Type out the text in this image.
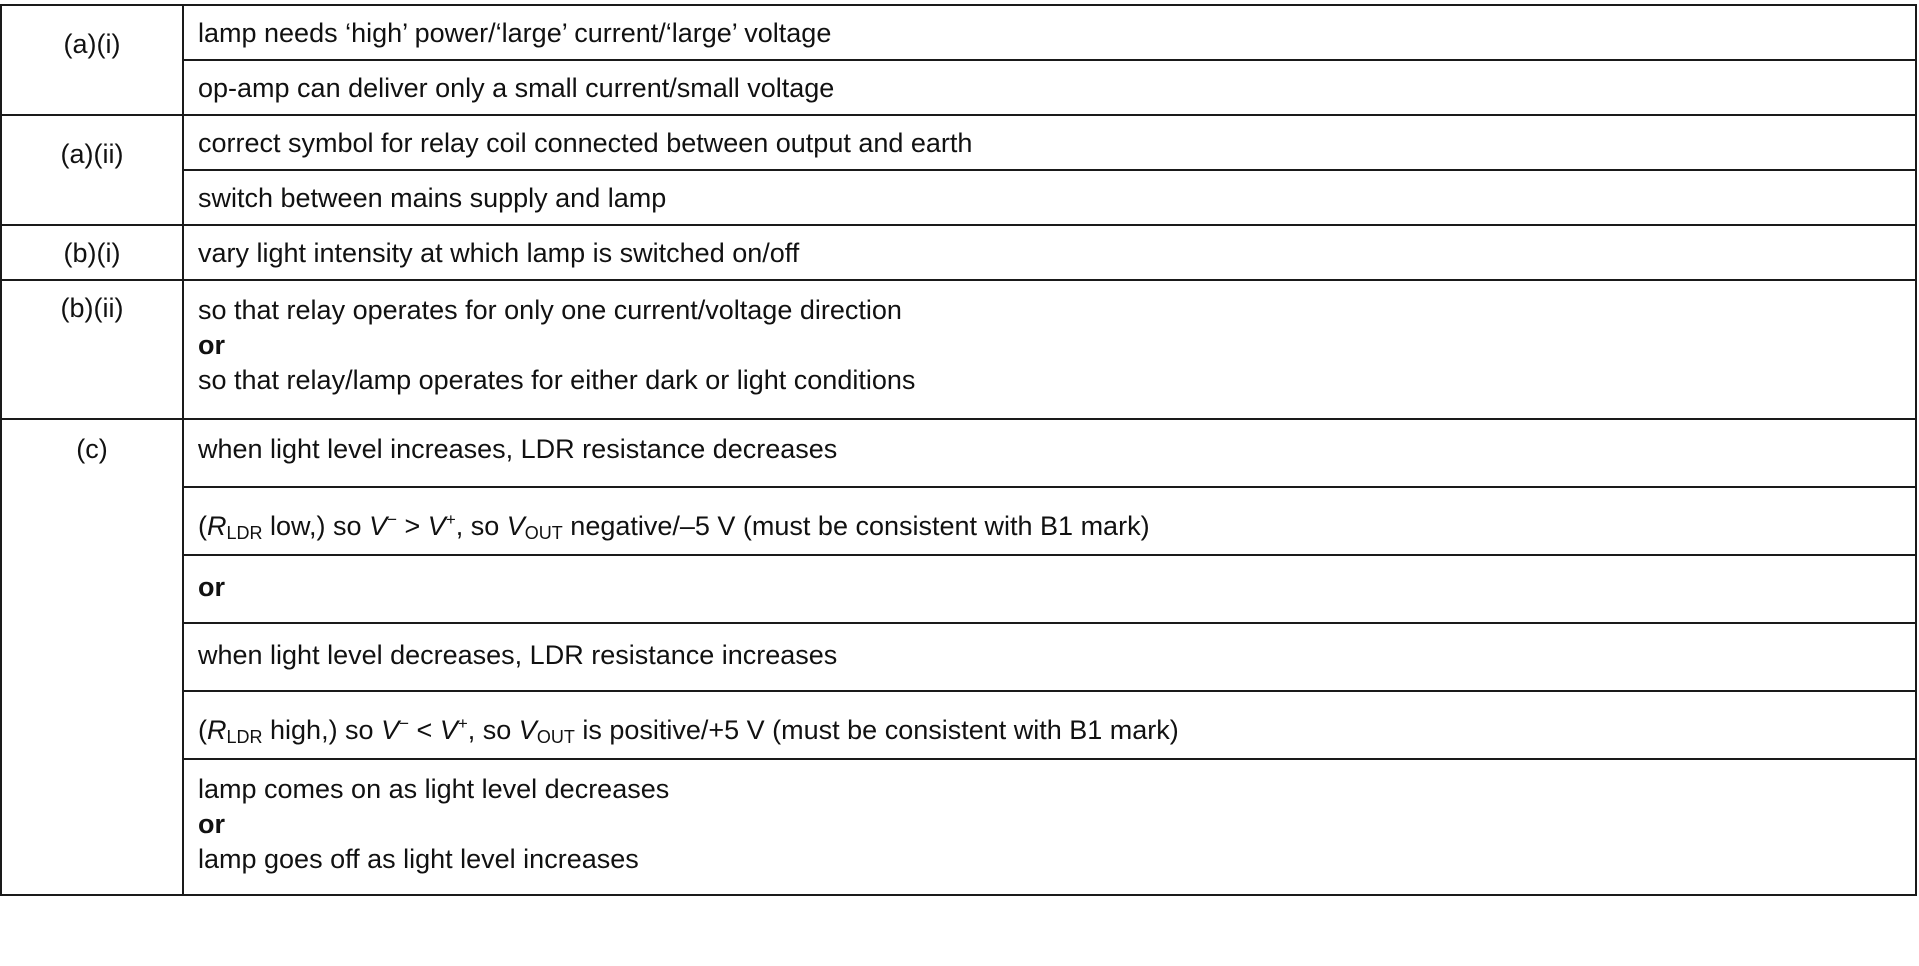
(a)(i)	lamp needs ‘high’ power/‘large’ current/‘large’ voltage

	op-amp can deliver only a small current/small voltage

(a)(ii)	correct symbol for relay coil connected between output and earth

	switch between mains supply and lamp

(b)(i)	vary light intensity at which lamp is switched on/off

(b)(ii)	so that relay operates for only one current/voltage direction
or
so that relay/lamp operates for either dark or light conditions

(c)	when light level increases, LDR resistance decreases

	($R_{LDR}$ low,) so V− > V+, so $V_{OUT}$ negative/–5 V (must be consistent with B1 mark)

	or

	when light level decreases, LDR resistance increases

	($R_{LDR}$ high,) so V− < V+, so $V_{OUT}$ is positive/+5 V (must be consistent with B1 mark)

	lamp comes on as light level decreases
or
lamp goes off as light level increases
